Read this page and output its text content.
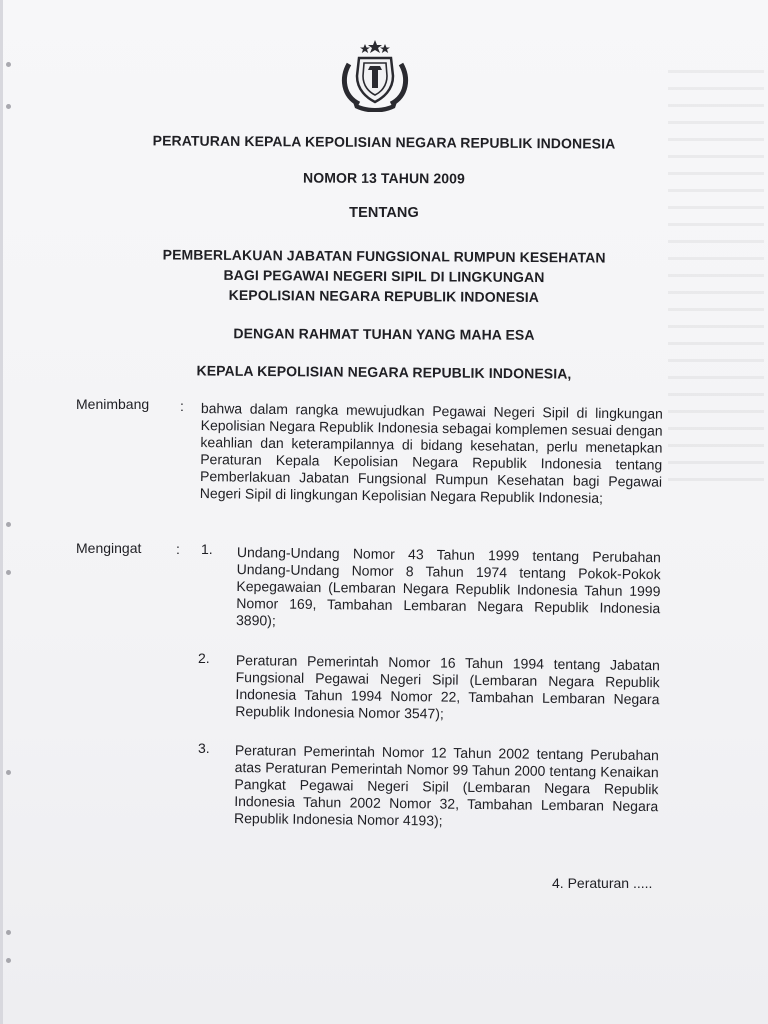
PERATURAN KEPALA KEPOLISIAN NEGARA REPUBLIK INDONESIA

NOMOR 13 TAHUN 2009

TENTANG

PEMBERLAKUAN JABATAN FUNGSIONAL RUMPUN KESEHATAN
BAGI PEGAWAI NEGERI SIPIL DI LINGKUNGAN
KEPOLISIAN NEGARA REPUBLIK INDONESIA

DENGAN RAHMAT TUHAN YANG MAHA ESA

KEPALA KEPOLISIAN NEGARA REPUBLIK INDONESIA,

Menimbang : bahwa dalam rangka mewujudkan Pegawai Negeri Sipil di lingkungan Kepolisian Negara Republik Indonesia sebagai komplemen sesuai dengan keahlian dan keterampilannya di bidang kesehatan, perlu menetapkan Peraturan Kepala Kepolisian Negara Republik Indonesia tentang Pemberlakuan Jabatan Fungsional Rumpun Kesehatan bagi Pegawai Negeri Sipil di lingkungan Kepolisian Negara Republik Indonesia;

Mengingat : 1. Undang-Undang Nomor 43 Tahun 1999 tentang Perubahan Undang-Undang Nomor 8 Tahun 1974 tentang Pokok-Pokok Kepegawaian (Lembaran Negara Republik Indonesia Tahun 1999 Nomor 169, Tambahan Lembaran Negara Republik Indonesia 3890);

2. Peraturan Pemerintah Nomor 16 Tahun 1994 tentang Jabatan Fungsional Pegawai Negeri Sipil (Lembaran Negara Republik Indonesia Tahun 1994 Nomor 22, Tambahan Lembaran Negara Republik Indonesia Nomor 3547);

3. Peraturan Pemerintah Nomor 12 Tahun 2002 tentang Perubahan atas Peraturan Pemerintah Nomor 99 Tahun 2000 tentang Kenaikan Pangkat Pegawai Negeri Sipil (Lembaran Negara Republik Indonesia Tahun 2002 Nomor 32, Tambahan Lembaran Negara Republik Indonesia Nomor 4193);

4. Peraturan .....
